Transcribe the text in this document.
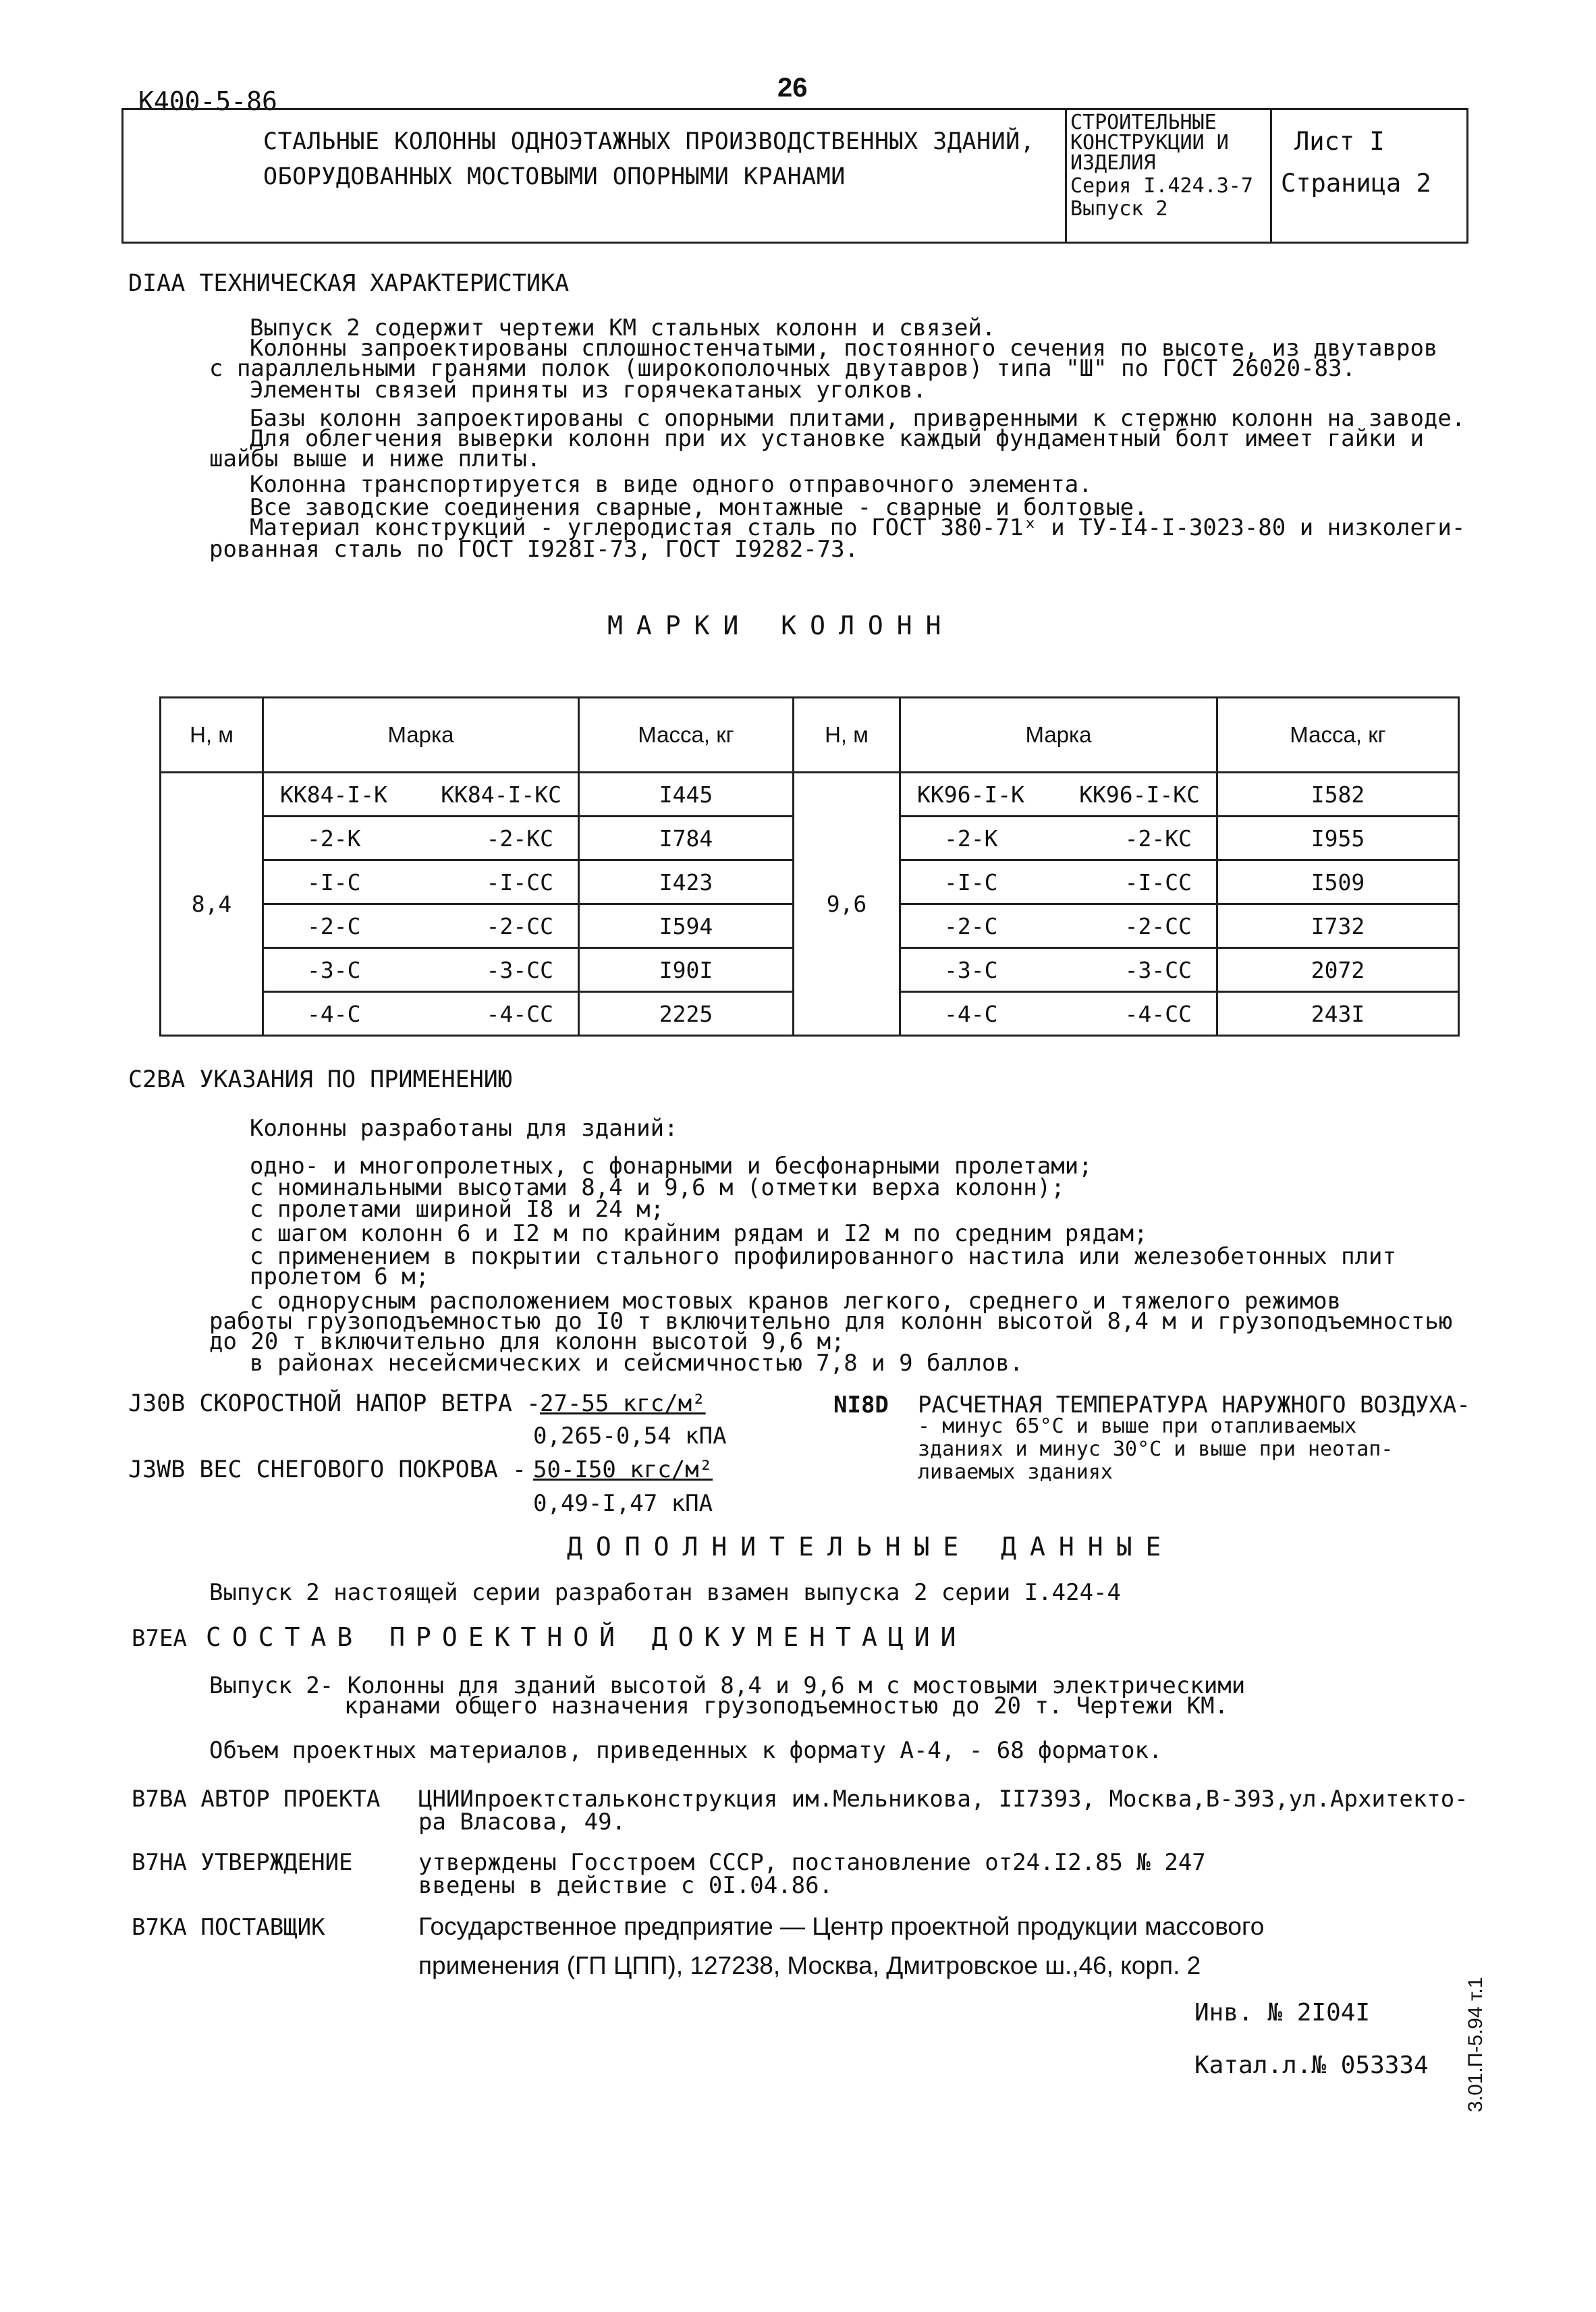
К400-5-86	26
СТАЛЬНЫЕ КОЛОННЫ ОДНОЭТАЖНЫХ ПРОИЗВОДСТВЕННЫХ ЗДАНИЙ,
ОБОРУДОВАННЫХ МОСТОВЫМИ ОПОРНЫМИ КРАНАМИ
СТРОИТЕЛЬНЫЕ
КОНСТРУКЦИИ И
ИЗДЕЛИЯ
Серия I.424.3-7
Выпуск 2
Лист I
Страница 2
DIAA ТЕХНИЧЕСКАЯ ХАРАКТЕРИСТИКА
Выпуск 2 содержит чертежи КМ стальных колонн и связей.
Колонны запроектированы сплошностенчатыми, постоянного сечения по высоте, из двутавров
с параллельными гранями полок (широкополочных двутавров) типа "Ш" по ГОСТ 26020-83.
Элементы связей приняты из горячекатаных уголков.
Базы колонн запроектированы с опорными плитами, приваренными к стержню колонн на заводе.
Для облегчения выверки колонн при их установке каждый фундаментный болт имеет гайки и
шайбы выше и ниже плиты.
Колонна транспортируется в виде одного отправочного элемента.
Все заводские соединения сварные, монтажные - сварные и болтовые.
Материал конструкций - углеродистая сталь по ГОСТ 380-71ˣ и ТУ-I4-I-3023-80 и низколеги-
рованная сталь по ГОСТ I928I-73, ГОСТ I9282-73.
МАРКИ КОЛОНН
Н, м	Марка	Масса, кг	Н, м	Марка	Масса, кг
8,4	КК84-I-К КК84-I-КС	I445	9,6	КК96-I-К КК96-I-КС	I582

	-2-К -2-КС	I784		-2-К -2-КС	I955

	-I-С -I-СС	I423		-I-С -I-СС	I509

	-2-С -2-СС	I594		-2-С -2-СС	I732

	-3-С -3-СС	I90I		-3-С -3-СС	2072

	-4-С -4-СС	2225		-4-С -4-СС	243I
C2BA УКАЗАНИЯ ПО ПРИМЕНЕНИЮ
Колонны разработаны для зданий:
одно- и многопролетных, с фонарными и бесфонарными пролетами;
с номинальными высотами 8,4 и 9,6 м (отметки верха колонн);
с пролетами шириной I8 и 24 м;
с шагом колонн 6 и I2 м по крайним рядам и I2 м по средним рядам;
с применением в покрытии стального профилированного настила или железобетонных плит
пролетом 6 м;
с однорусным расположением мостовых кранов легкого, среднего и тяжелого режимов
работы грузоподъемностью до I0 т включительно для колонн высотой 8,4 м и грузоподъемностью
до 20 т включительно для колонн высотой 9,6 м;
в районах несейсмических и сейсмичностью 7,8 и 9 баллов.
J30B СКОРОСТНОЙ НАПОР ВЕТРА -
27-55 кгс/м²
0,265-0,54 кПА
J3WB ВЕС СНЕГОВОГО ПОКРОВА - 50-I50 кгс/м²
0,49-I,47 кПА
NI8D РАСЧЕТНАЯ ТЕМПЕРАТУРА НАРУЖНОГО ВОЗДУХА-
- минус 65°С и выше при отапливаемых
зданиях и минус 30°С и выше при неотап-
ливаемых зданиях
ДОПОЛНИТЕЛЬНЫЕ ДАННЫЕ
Выпуск 2 настоящей серии разработан взамен выпуска 2 серии I.424-4
B7EA СОСТАВ ПРОЕКТНОЙ ДОКУМЕНТАЦИИ
Выпуск 2- Колонны для зданий высотой 8,4 и 9,6 м с мостовыми электрическими
кранами общего назначения грузоподъемностью до 20 т. Чертежи КМ.
Объем проектных материалов, приведенных к формату А-4, - 68 форматок.
B7BA АВТОР ПРОЕКТА ЦНИИпроектстальконструкция им.Мельникова, II7393, Москва,В-393,ул.Архитекто-
ра Власова, 49.
B7HA УТВЕРЖДЕНИЕ	утверждены Госстроем СССР, постановление от24.I2.85 № 247
введены в действие с 0I.04.86.
B7KA ПОСТАВЩИК	Государственное предприятие — Центр проектной продукции массового
применения (ГП ЦПП), 127238, Москва, Дмитровское ш.,46, корп. 2
Инв. № 2I04I
Катал.л.№ 053334 3.01.П-5.94 т.1
